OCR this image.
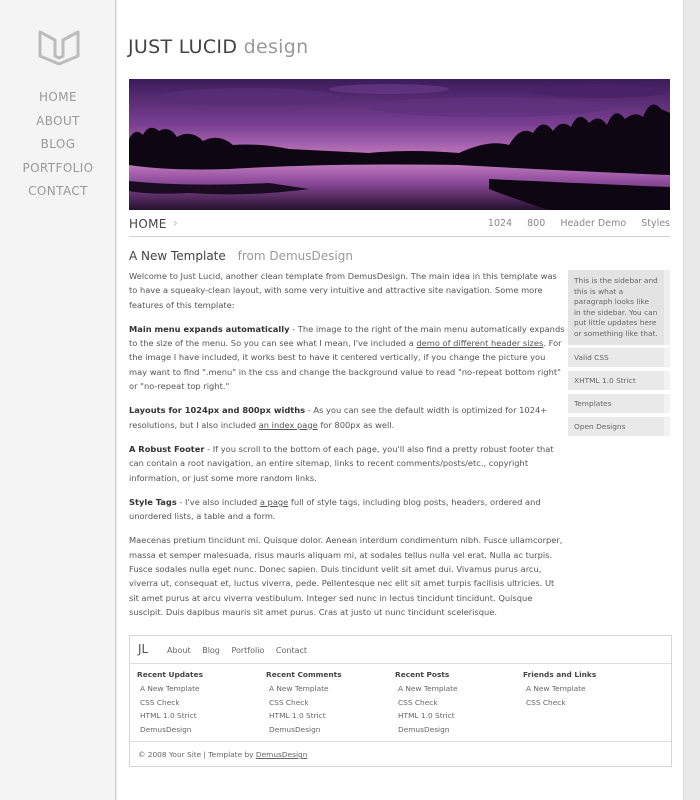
HOME
ABOUT
BLOG
PORTFOLIO
CONTACT
JUST LUCID design
HOME ›	1024 800 Header Demo Styles
A New Template from DemusDesign

Welcome to Just Lucid, another clean template from DemusDesign. The main idea in this template was to have a squeaky-clean layout, with some very intuitive and attractive site navigation. Some more features of this template:

Main menu expands automatically - The image to the right of the main menu automatically expands to the size of the menu. So you can see what I mean, I've included a demo of different header sizes. For the image I have included, it works best to have it centered vertically, if you change the picture you may want to find ".menu" in the css and change the background value to read "no-repeat bottom right" or "no-repeat top right."

Layouts for 1024px and 800px widths - As you can see the default width is optimized for 1024+ resolutions, but I also included an index page for 800px as well.

A Robust Footer - If you scroll to the bottom of each page, you'll also find a pretty robust footer that can contain a root navigation, an entire sitemap, links to recent comments/posts/etc., copyright information, or just some more random links.

Style Tags - I've also included a page full of style tags, including blog posts, headers, ordered and unordered lists, a table and a form.

Maecenas pretium tincidunt mi. Quisque dolor. Aenean interdum condimentum nibh. Fusce ullamcorper, massa et semper malesuada, risus mauris aliquam mi, at sodales tellus nulla vel erat. Nulla ac turpis. Fusce sodales nulla eget nunc. Donec sapien. Duis tincidunt velit sit amet dui. Vivamus purus arcu, viverra ut, consequat et, luctus viverra, pede. Pellentesque nec elit sit amet turpis facilisis ultricies. Ut sit amet purus at arcu viverra vestibulum. Integer sed nunc in lectus tincidunt tincidunt. Quisque suscipit. Duis dapibus mauris sit amet purus. Cras at justo ut nunc tincidunt scelerisque.

This is the sidebar and this is what a paragraph looks like in the sidebar. You can put little updates here or something like that.
Valid CSS
XHTML 1.0 Strict
Templates
Open Designs
JL	About Blog Portfolio Contact
Recent Updates
A New Template
CSS Check
HTML 1.0 Strict
DemusDesign
Recent Comments
A New Template
CSS Check
HTML 1.0 Strict
DemusDesign
Recent Posts
A New Template
CSS Check
HTML 1.0 Strict
DemusDesign
Friends and Links
A New Template
CSS Check
© 2008 Your Site | Template by DemusDesign
